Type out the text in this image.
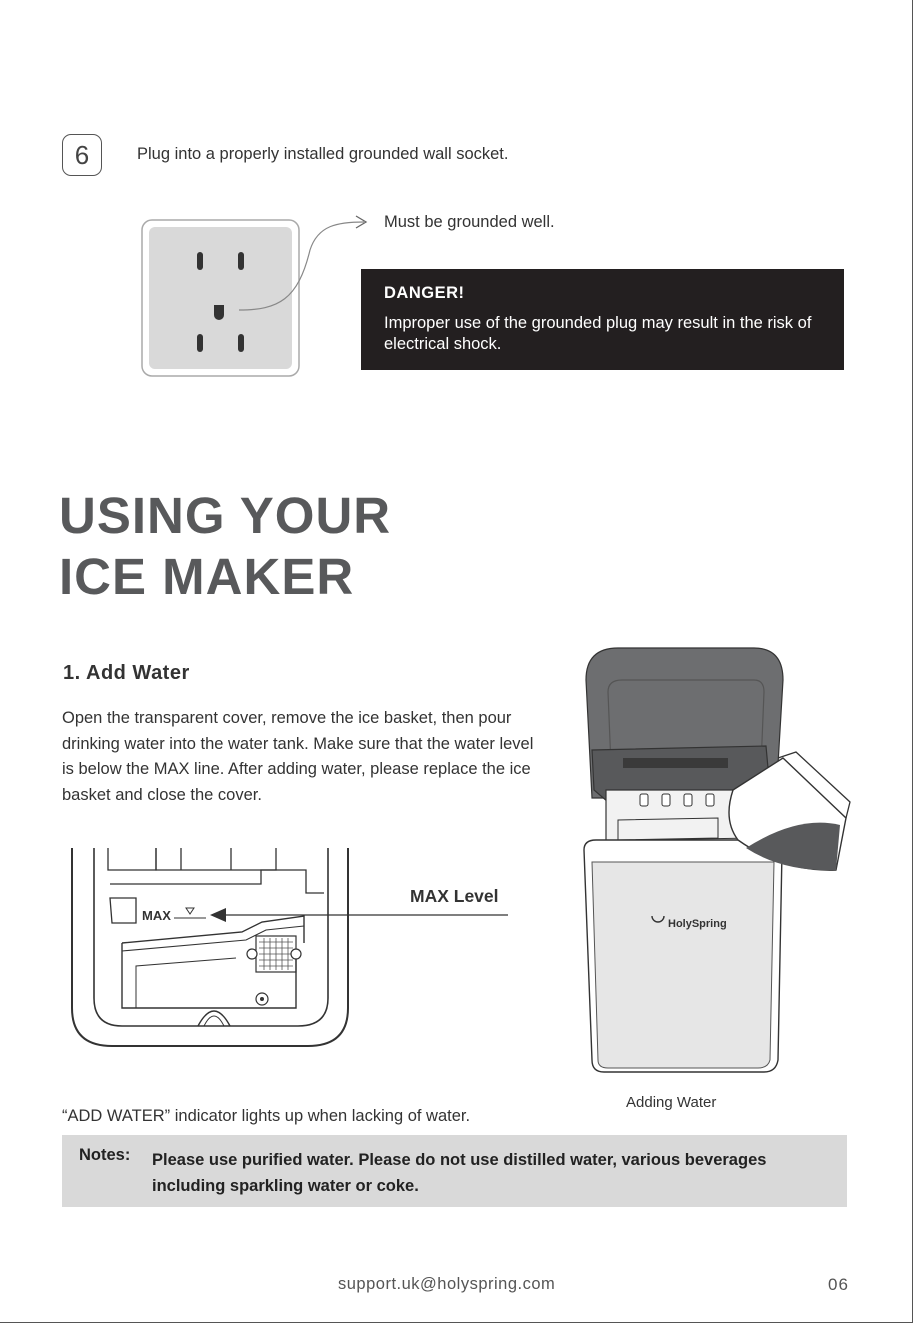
6	Plug into a properly installed grounded wall socket.
Must be grounded well.
DANGER!
Improper use of the grounded plug may result in the risk of electrical shock.
USING YOUR
ICE MAKER
1. Add Water
Open the transparent cover, remove the ice basket, then pour drinking water into the water tank. Make sure that the water level is below the MAX line. After adding water, please replace the ice basket and close the cover.
MAX
MAX Level
HolySpring
Adding Water
“ADD WATER” indicator lights up when lacking of water.
Notes: Please use purified water. Please do not use distilled water, various beverages including sparkling water or coke.
support.uk@holyspring.com	06
